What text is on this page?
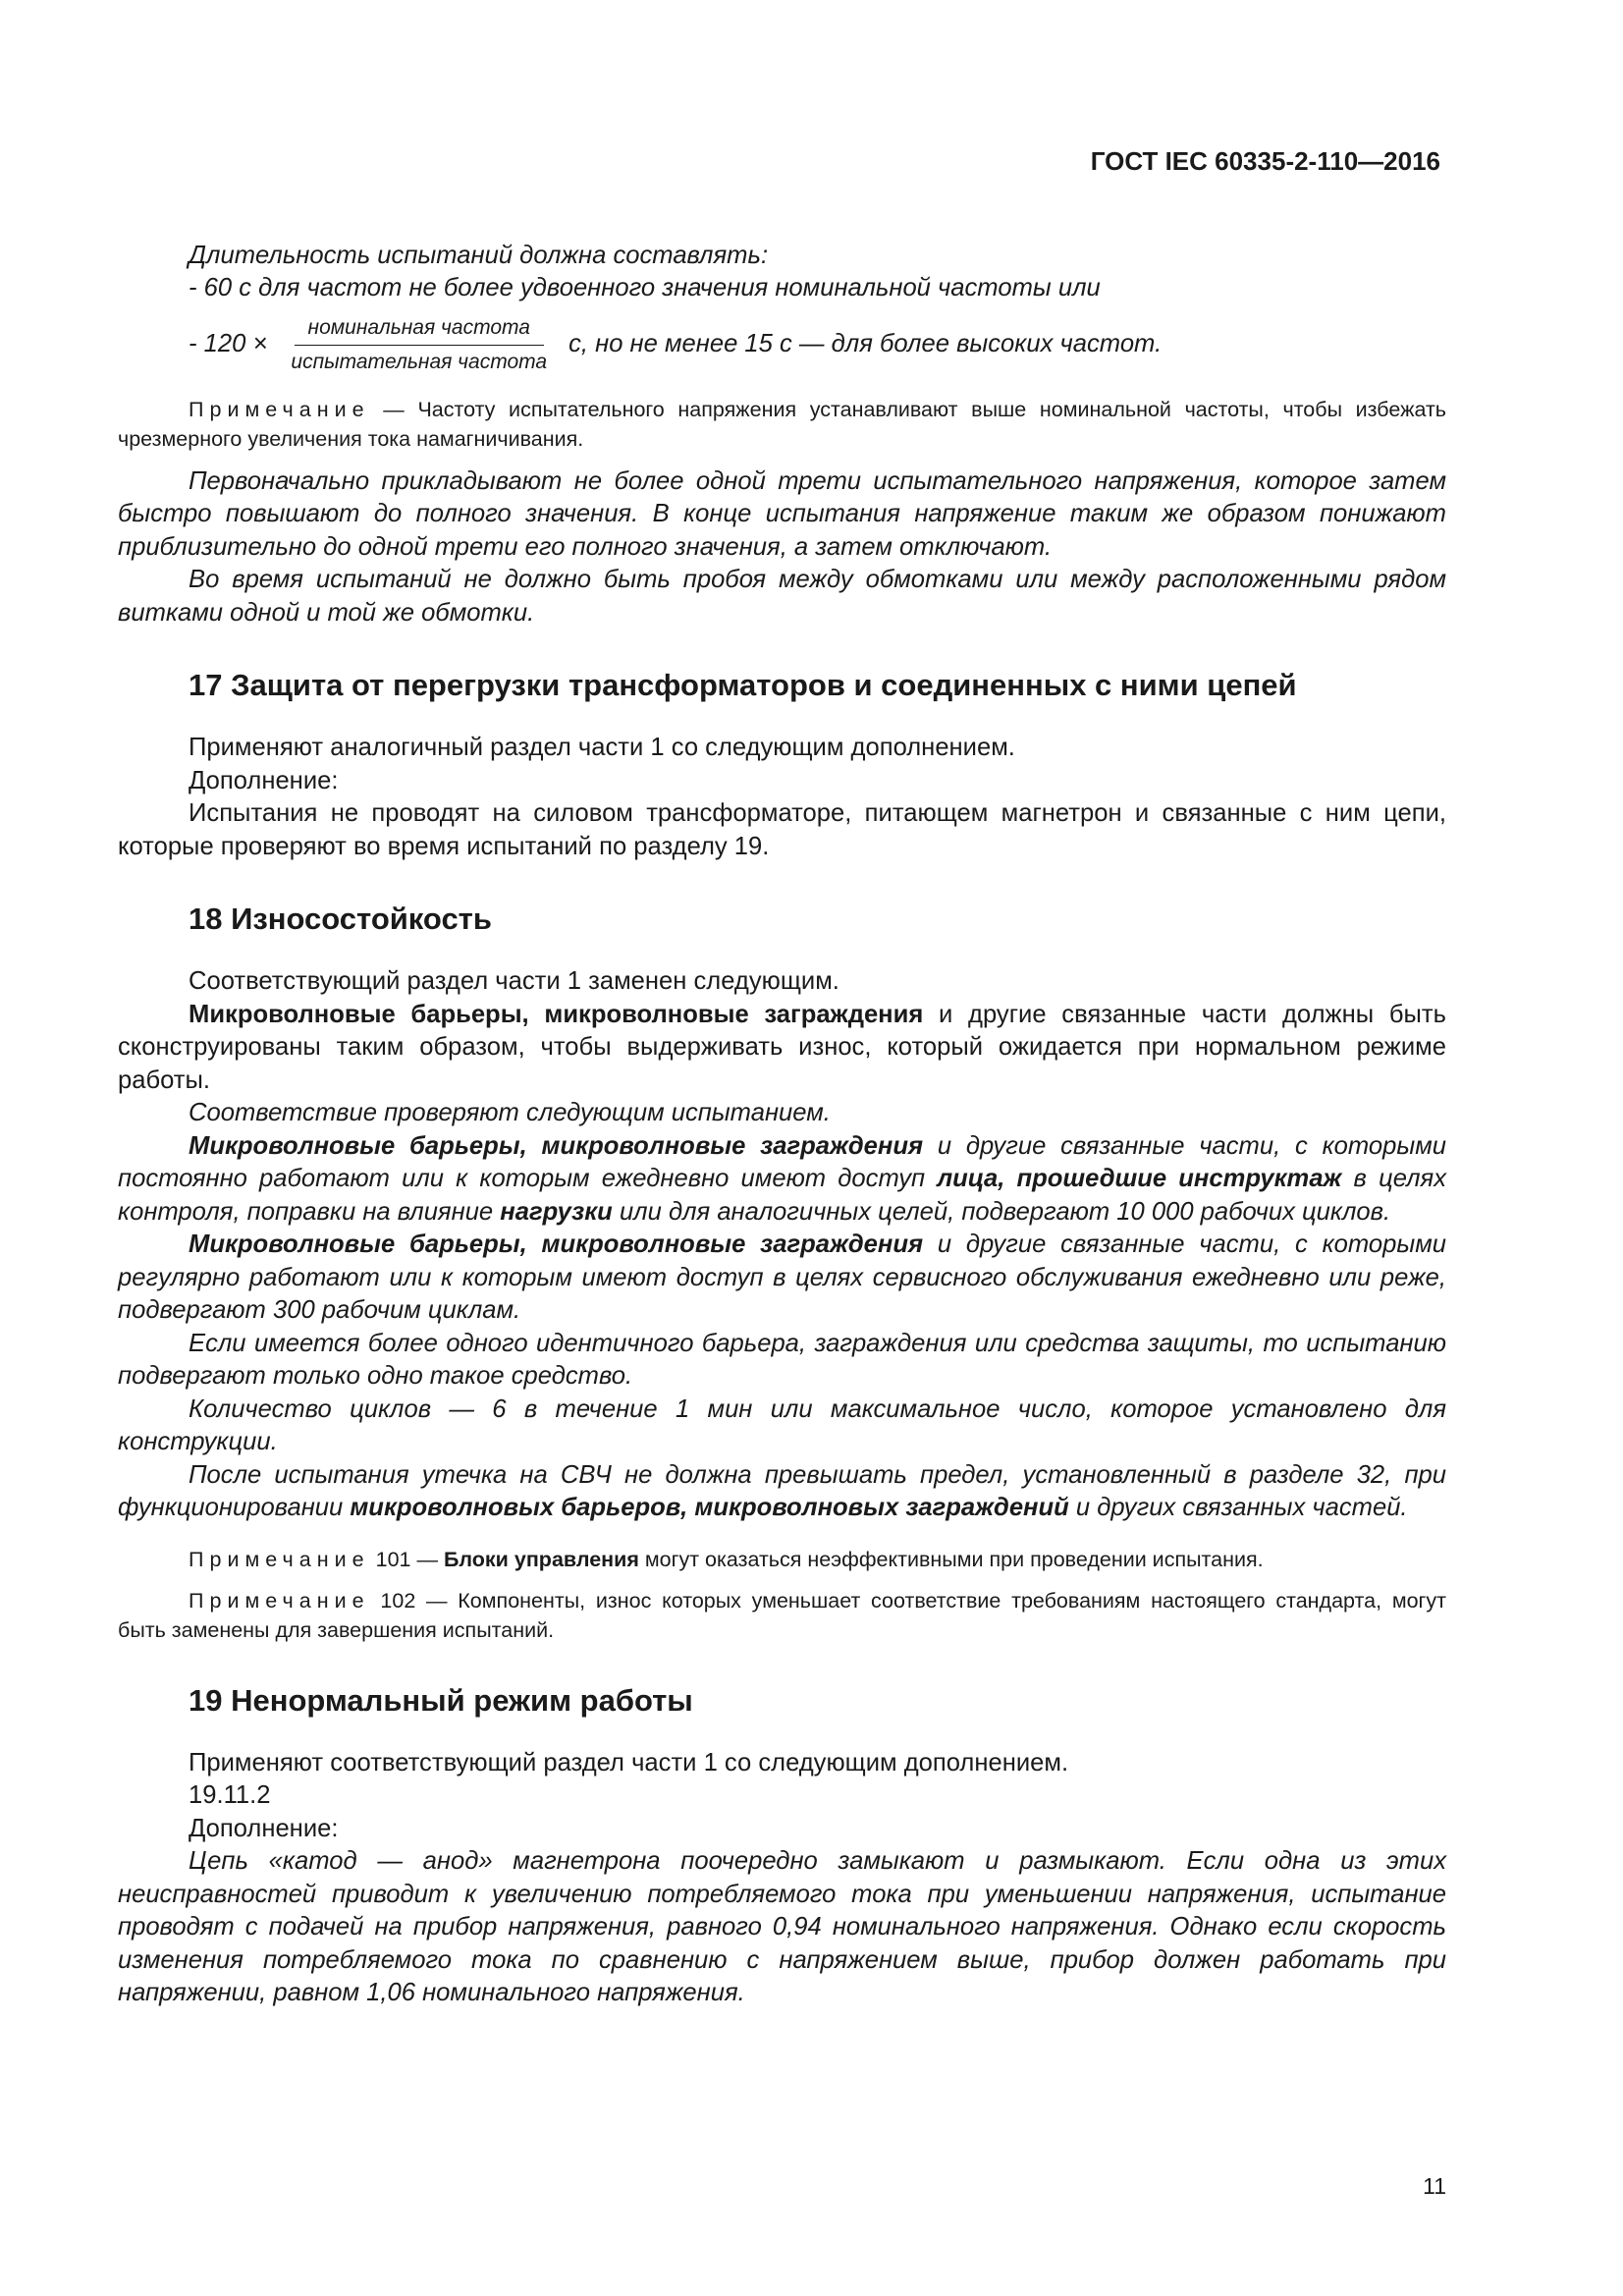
ГОСТ IEC 60335-2-110—2016

Длительность испытаний должна составлять:

- 60 с для частот не более удвоенного значения номинальной частоты или

- $120 \times \frac{\text{номинальная частота}}{\text{испытательная частота}} с$, но не менее 15 с — для более высоких частот.

Примечание — Частоту испытательного напряжения устанавливают выше номинальной частоты, чтобы избежать чрезмерного увеличения тока намагничивания.

Первоначально прикладывают не более одной трети испытательного напряжения, которое затем быстро повышают до полного значения. В конце испытания напряжение таким же образом понижают приблизительно до одной трети его полного значения, а затем отключают.

Во время испытаний не должно быть пробоя между обмотками или между расположенными рядом витками одной и той же обмотки.

17 Защита от перегрузки трансформаторов и соединенных с ними цепей

Применяют аналогичный раздел части 1 со следующим дополнением.

Дополнение:

Испытания не проводят на силовом трансформаторе, питающем магнетрон и связанные с ним цепи, которые проверяют во время испытаний по разделу 19.

18 Износостойкость

Соответствующий раздел части 1 заменен следующим.

Микроволновые барьеры, микроволновые заграждения и другие связанные части должны быть сконструированы таким образом, чтобы выдерживать износ, который ожидается при нормальном режиме работы.

Соответствие проверяют следующим испытанием.

Микроволновые барьеры, микроволновые заграждения и другие связанные части, с которыми постоянно работают или к которым ежедневно имеют доступ лица, прошедшие инструктаж в целях контроля, поправки на влияние нагрузки или для аналогичных целей, подвергают 10 000 рабочих циклов.

Микроволновые барьеры, микроволновые заграждения и другие связанные части, с которыми регулярно работают или к которым имеют доступ в целях сервисного обслуживания ежедневно или реже, подвергают 300 рабочим циклам.

Если имеется более одного идентичного барьера, заграждения или средства защиты, то испытанию подвергают только одно такое средство.

Количество циклов — 6 в течение 1 мин или максимальное число, которое установлено для конструкции.

После испытания утечка на СВЧ не должна превышать предел, установленный в разделе 32, при функционировании микроволновых барьеров, микроволновых заграждений и других связанных частей.

Примечание 101 — Блоки управления могут оказаться неэффективными при проведении испытания.

Примечание 102 — Компоненты, износ которых уменьшает соответствие требованиям настоящего стандарта, могут быть заменены для завершения испытаний.

19 Ненормальный режим работы

Применяют соответствующий раздел части 1 со следующим дополнением.

19.11.2

Дополнение:

Цепь «катод — анод» магнетрона поочередно замыкают и размыкают. Если одна из этих неисправностей приводит к увеличению потребляемого тока при уменьшении напряжения, испытание проводят с подачей на прибор напряжения, равного 0,94 номинального напряжения. Однако если скорость изменения потребляемого тока по сравнению с напряжением выше, прибор должен работать при напряжении, равном 1,06 номинального напряжения.

11
